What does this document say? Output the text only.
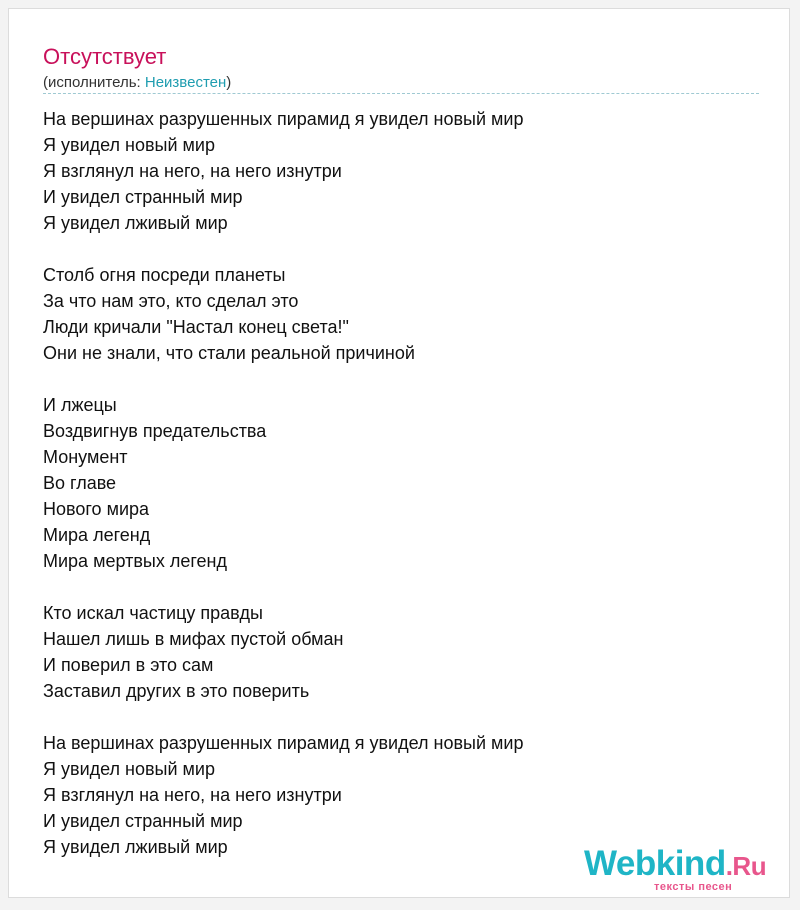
Отсутствует
(исполнитель: Неизвестен)
На вершинах разрушенных пирамид я увидел новый мир
Я увидел новый мир
Я взглянул на него, на него изнутри
И увидел странный мир
Я увидел лживый мир
Столб огня посреди планеты
За что нам это, кто сделал это
Люди кричали "Настал конец света!"
Они не знали, что стали реальной причиной
И лжецы
Воздвигнув предательства
Монумент
Во главе
Нового мира
Мира легенд
Мира мертвых легенд
Кто искал частицу правды
Нашел лишь в мифах пустой обман
И поверил в это сам
Заставил других в это поверить
На вершинах разрушенных пирамид я увидел новый мир
Я увидел новый мир
Я взглянул на него, на него изнутри
И увидел странный мир
Я увидел лживый мир	Webkind.Ru
тексты песен
